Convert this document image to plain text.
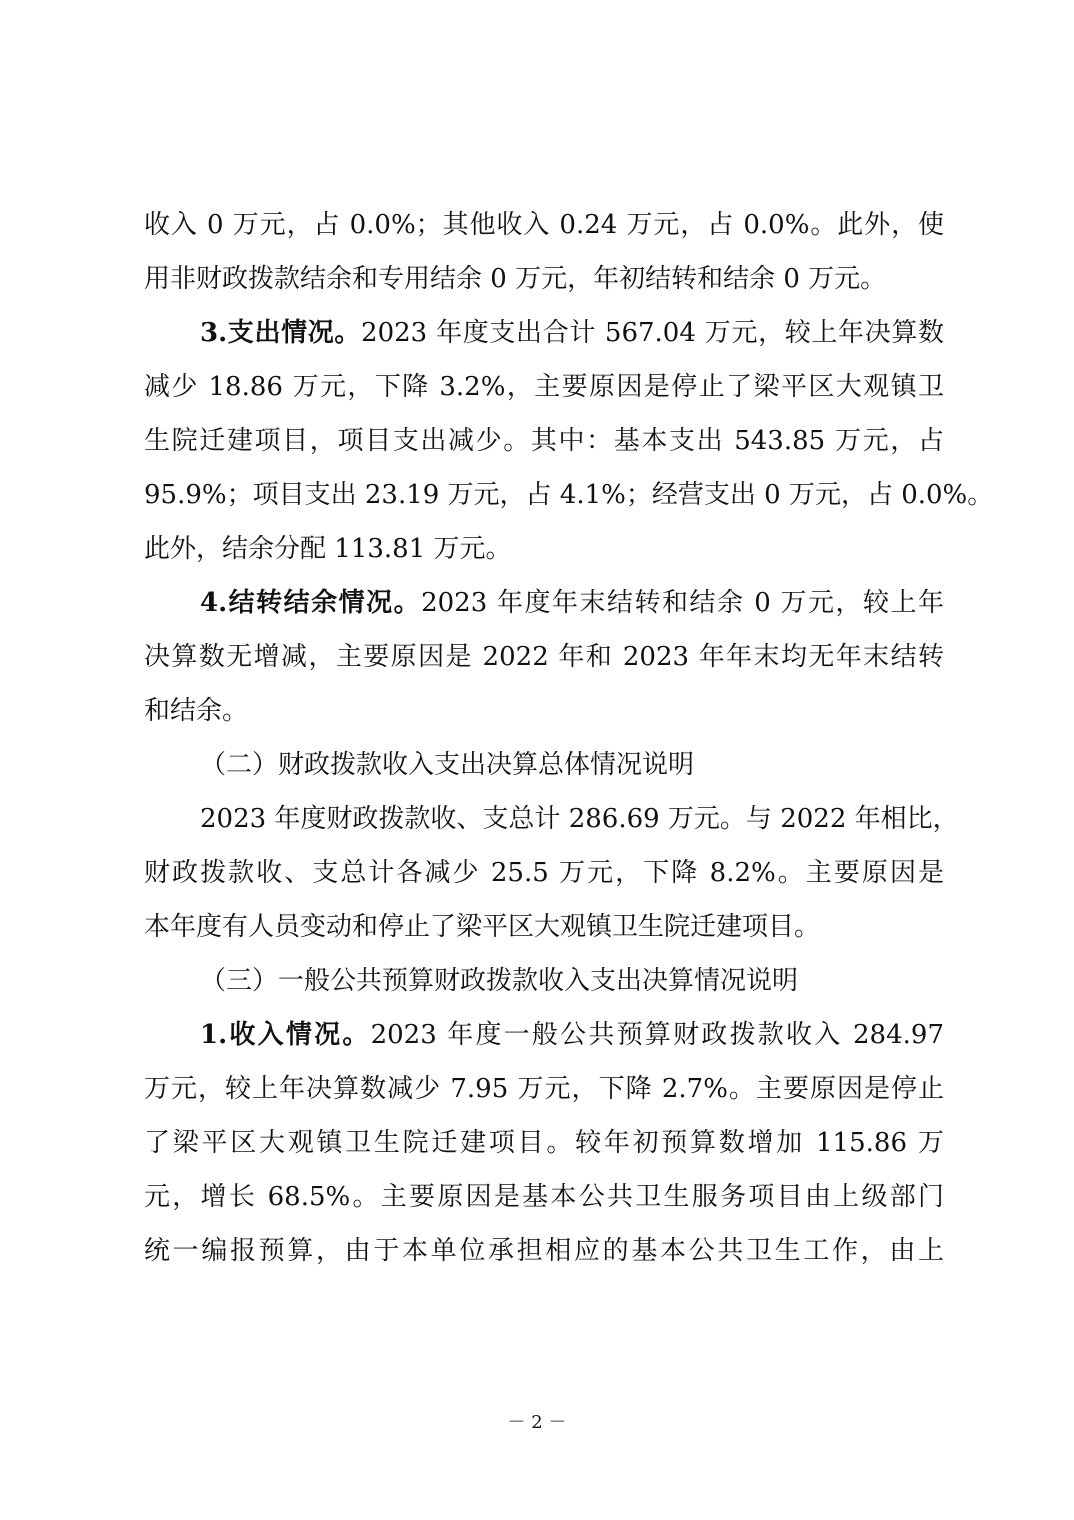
收入 0 万元，占 0.0%；其他收入 0.24 万元，占 0.0%。此外，使
用非财政拨款结余和专用结余 0 万元，年初结转和结余 0 万元。
3.支出情况。2023 年度支出合计 567.04 万元，较上年决算数
减少 18.86 万元，下降 3.2%，主要原因是停止了梁平区大观镇卫
生院迁建项目，项目支出减少。其中：基本支出 543.85 万元，占
95.9%；项目支出 23.19 万元，占 4.1%；经营支出 0 万元，占 0.0%。
此外，结余分配 113.81 万元。
4.结转结余情况。2023 年度年末结转和结余 0 万元，较上年
决算数无增减，主要原因是 2022 年和 2023 年年末均无年末结转
和结余。
（二）财政拨款收入支出决算总体情况说明
2023 年度财政拨款收、支总计 286.69 万元。与 2022 年相比，
财政拨款收、支总计各减少 25.5 万元，下降 8.2%。主要原因是
本年度有人员变动和停止了梁平区大观镇卫生院迁建项目。
（三）一般公共预算财政拨款收入支出决算情况说明
1.收入情况。2023 年度一般公共预算财政拨款收入 284.97
万元，较上年决算数减少 7.95 万元，下降 2.7%。主要原因是停止
了梁平区大观镇卫生院迁建项目。较年初预算数增加 115.86 万
元，增长 68.5%。主要原因是基本公共卫生服务项目由上级部门
统一编报预算，由于本单位承担相应的基本公共卫生工作，由上
－ 2 －
